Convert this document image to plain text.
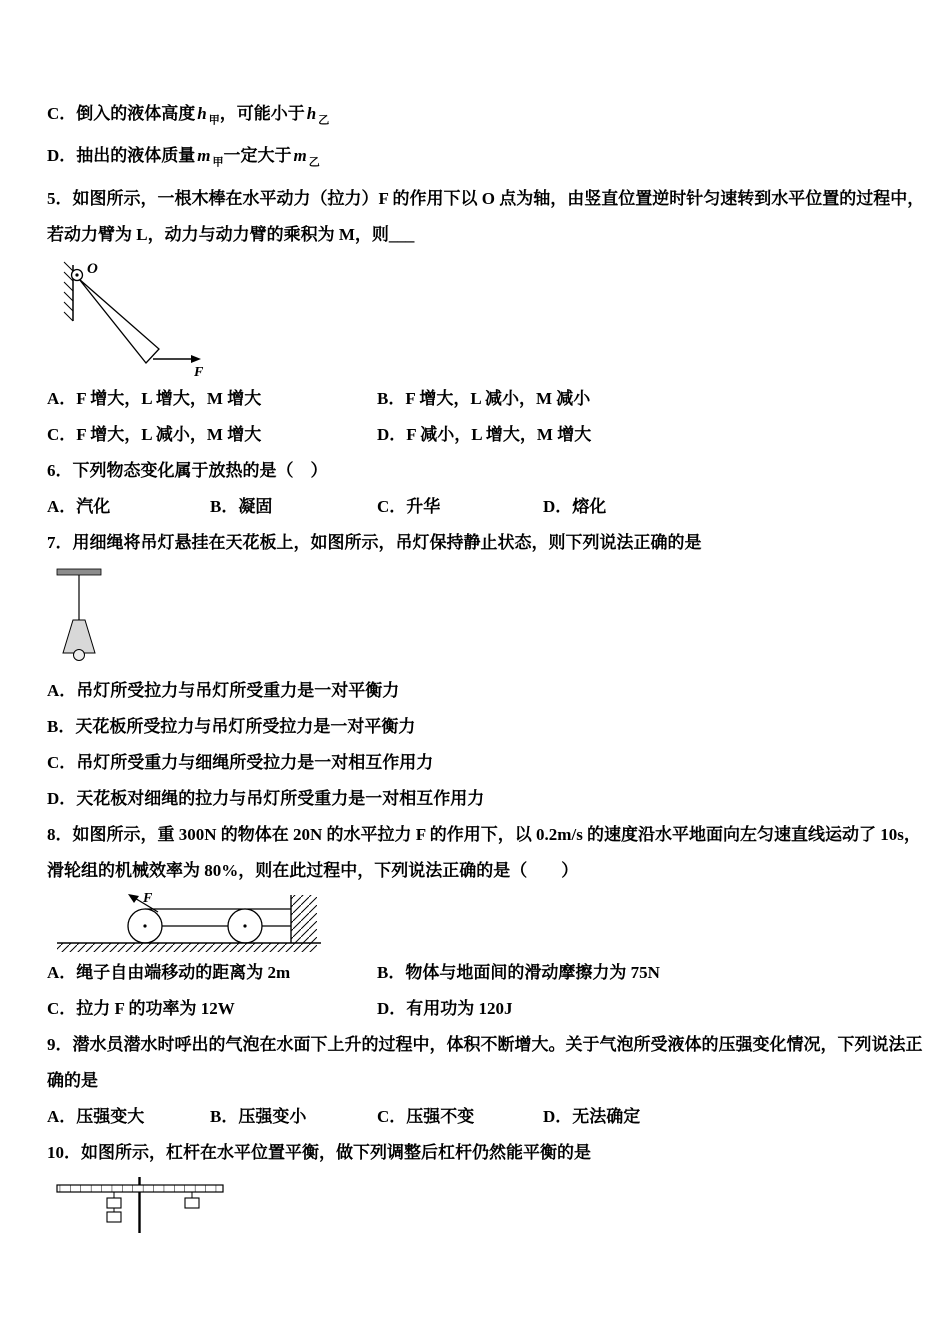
C．倒入的液体高度 h $_甲$，可能小于 h $_乙$
D．抽出的液体质量 m $_甲$一定大于 m $_乙$
5．如图所示，一根木棒在水平动力（拉力）F 的作用下以 O 点为轴，由竖直位置逆时针匀速转到水平位置的过程中，
若动力臂为 L，动力与动力臂的乘积为 M，则___
O
F
A．F 增大，L 增大，M 增大	B．F 增大，L 减小，M 减小
C．F 增大，L 减小，M 增大	D．F 减小，L 增大，M 增大
6．下列物态变化属于放热的是（　）
A．汽化	B．凝固	C．升华	D．熔化
7．用细绳将吊灯悬挂在天花板上，如图所示，吊灯保持静止状态，则下列说法正确的是
A．吊灯所受拉力与吊灯所受重力是一对平衡力
B．天花板所受拉力与吊灯所受拉力是一对平衡力
C．吊灯所受重力与细绳所受拉力是一对相互作用力
D．天花板对细绳的拉力与吊灯所受重力是一对相互作用力
8．如图所示，重 300N 的物体在 20N 的水平拉力 F 的作用下，以 0.2m/s 的速度沿水平地面向左匀速直线运动了 10s，
滑轮组的机械效率为 80%，则在此过程中，下列说法正确的是（　　）
F
A．绳子自由端移动的距离为 2m	B．物体与地面间的滑动摩擦力为 75N
C．拉力 F 的功率为 12W	D．有用功为 120J
9．潜水员潜水时呼出的气泡在水面下上升的过程中，体积不断增大。关于气泡所受液体的压强变化情况，下列说法正
确的是
A．压强变大	B．压强变小	C．压强不变	D．无法确定
10．如图所示，杠杆在水平位置平衡，做下列调整后杠杆仍然能平衡的是
